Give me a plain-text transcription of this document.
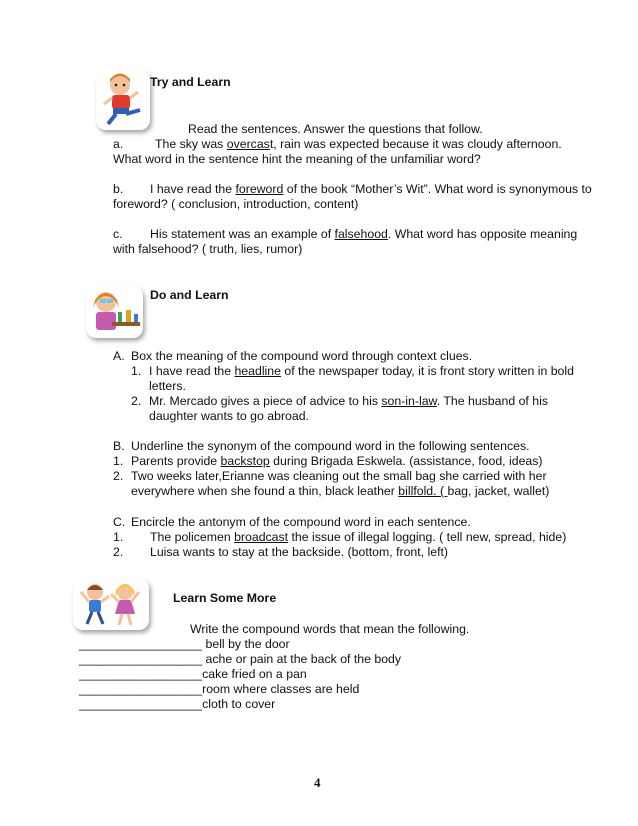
Try and Learn
Read the sentences. Answer the questions that follow.
a.	The sky was overcast, rain was expected because it was cloudy afternoon.
What word in the sentence hint the meaning of the unfamiliar word?
b. I have read the foreword of the book “Mother’s Wit”. What word is synonymous to
foreword? ( conclusion, introduction, content)
c. His statement was an example of falsehood. What word has opposite meaning
with falsehood? ( truth, lies, rumor)
Do and Learn
A. Box the meaning of the compound word through context clues.
1. I have read the headline of the newspaper today, it is front story written in bold
letters.
2. Mr. Mercado gives a piece of advice to his son-in-law. The husband of his
daughter wants to go abroad.
B. Underline the synonym of the compound word in the following sentences.
1. Parents provide backstop during Brigada Eskwela. (assistance, food, ideas)
2. Two weeks later,Erianne was cleaning out the small bag she carried with her
everywhere when she found a thin, black leather billfold. ( bag, jacket, wallet)
C. Encircle the antonym of the compound word in each sentence.
1. The policemen broadcast the issue of illegal logging. ( tell new, spread, hide)
2. Luisa wants to stay at the backside. (bottom, front, left)
Learn Some More
Write the compound words that mean the following.
__________________ bell by the door
__________________ ache or pain at the back of the body
__________________cake fried on a pan
__________________room where classes are held
__________________cloth to cover
4
